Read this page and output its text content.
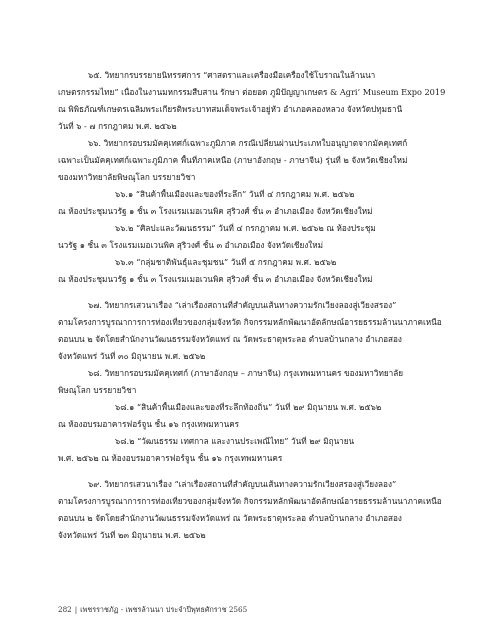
๖๕. วิทยากรบรรยายนิทรรศการ “ศาสตราและเครื่องมือเครื่องใช้โบราณในล้านนา
เกษตรกรรมไทย” เนื่องในงานมหกรรมสืบสาน รักษา ต่อยอด ภูมิปัญญาเกษตร & Agri’ Museum Expo 2019
ณ พิพิธภัณฑ์เกษตรเฉลิมพระเกียรติพระบาทสมเด็จพระเจ้าอยู่หัว อำเภอคลองหลวง จังหวัดปทุมธานี
วันที่ ๖ - ๗ กรกฎาคม พ.ศ. ๒๕๖๒
๖๖. วิทยากรอบรมมัคคุเทศก์เฉพาะภูมิภาค กรณีเปลี่ยนผ่านประเภทใบอนุญาตจากมัคคุเทศก์
เฉพาะเป็นมัคคุเทศก์เฉพาะภูมิภาค พื้นที่ภาคเหนือ (ภาษาอังกฤษ - ภาษาจีน) รุ่นที่ ๒ จังหวัดเชียงใหม่
ของมหาวิทยาลัยพิษณุโลก บรรยายวิชา
๖๖.๑ “สินค้าพื้นเมืองและของที่ระลึก” วันที่ ๔ กรกฎาคม พ.ศ. ๒๕๖๒
ณ ห้องประชุมนวรัฐ ๑ ชั้น ๓ โรงแรมเมอเวนพิค สุริวงศ์ ชั้น ๓ อำเภอเมือง จังหวัดเชียงใหม่
๖๖.๒ “ศิลปะและวัฒนธรรม” วันที่ ๔ กรกฎาคม พ.ศ. ๒๕๖๒ ณ ห้องประชุม
นวรัฐ ๑ ชั้น ๓ โรงแรมเมอเวนพิค สุริวงศ์ ชั้น ๓ อำเภอเมือง จังหวัดเชียงใหม่
๖๖.๓ “กลุ่มชาติพันธุ์และชุมชน” วันที่ ๕ กรกฎาคม พ.ศ. ๒๕๖๒
ณ ห้องประชุมนวรัฐ ๑ ชั้น ๓ โรงแรมเมอเวนพิค สุริวงศ์ ชั้น ๓ อำเภอเมือง จังหวัดเชียงใหม่
๖๗. วิทยากรเสวนาเรื่อง “เล่าเรื่องสถานที่สำคัญบนเส้นทางความรักเวียงลองสู่เวียงสรอง”
ตามโครงการบูรณาการการท่องเที่ยวของกลุ่มจังหวัด กิจกรรมหลักพัฒนาอัตลักษณ์อารยธรรมล้านนาภาคเหนือ
ตอนบน ๒ จัดโดยสำนักงานวัฒนธรรมจังหวัดแพร่ ณ วัดพระธาตุพระลอ ตำบลบ้านกลาง อำเภอสอง
จังหวัดแพร่ วันที่ ๓๐ มิถุนายน พ.ศ. ๒๕๖๒
๖๘. วิทยากรอบรมมัคคุเทศก์ (ภาษาอังกฤษ – ภาษาจีน) กรุงเทพมหานคร ของมหาวิทยาลัย
พิษณุโลก บรรยายวิชา
๖๘.๑ “สินค้าพื้นเมืองและของที่ระลึกท้องถิ่น” วันที่ ๒๙ มิถุนายน พ.ศ. ๒๕๖๒
ณ ห้องอบรมอาคารฟอร์จูน ชั้น ๑๖ กรุงเทพมหานคร
๖๘.๒ “วัฒนธรรม เทศกาล และงานประเพณีไทย” วันที่ ๒๙ มิถุนายน
พ.ศ. ๒๕๖๒ ณ ห้องอบรมอาคารฟอร์จูน ชั้น ๑๖ กรุงเทพมหานคร
๖๙. วิทยากรเสวนาเรื่อง “เล่าเรื่องสถานที่สำคัญบนเส้นทางความรักเวียงสรองสู่เวียงลอง”
ตามโครงการบูรณาการการท่องเที่ยวของกลุ่มจังหวัด กิจกรรมหลักพัฒนาอัตลักษณ์อารยธรรมล้านนาภาคเหนือ
ตอนบน ๒ จัดโดยสำนักงานวัฒนธรรมจังหวัดแพร่ ณ วัดพระธาตุพระลอ ตำบลบ้านกลาง อำเภอสอง
จังหวัดแพร่ วันที่ ๒๓ มิถุนายน พ.ศ. ๒๕๖๒
282 | เพชรราชภัฏ - เพชรล้านนา ประจำปีพุทธศักราช 2565
